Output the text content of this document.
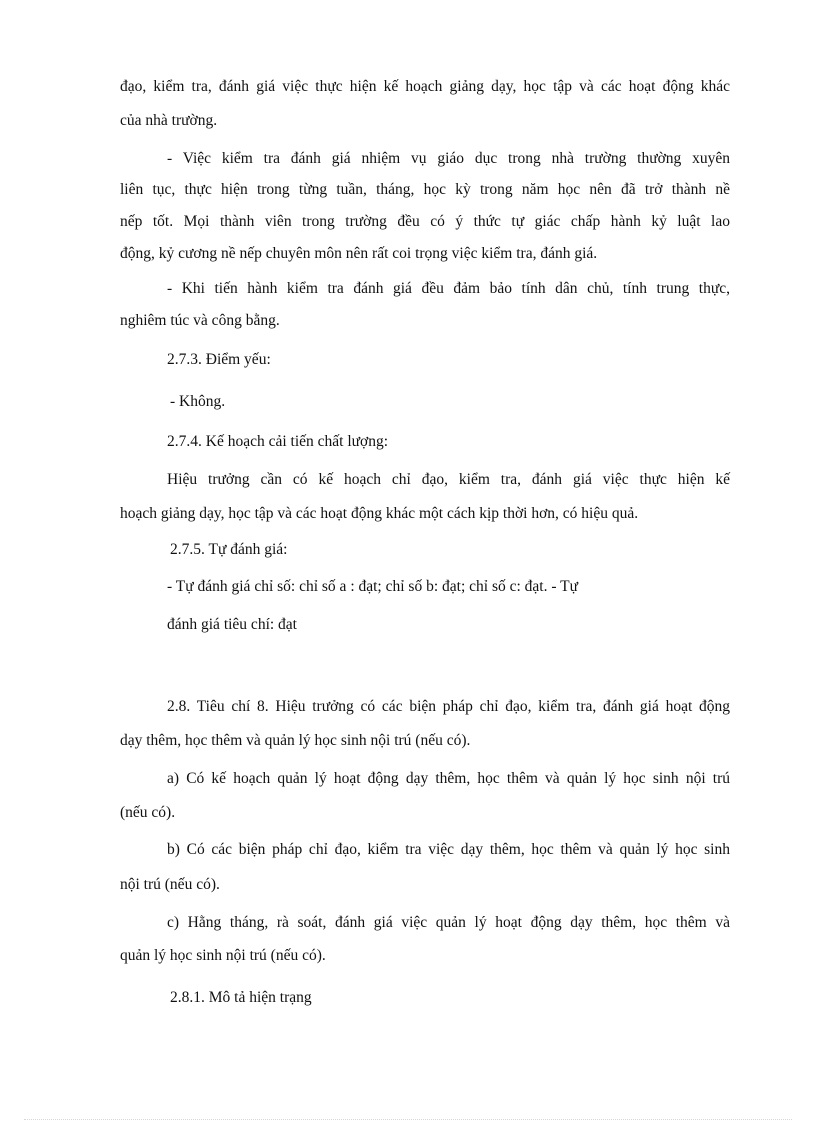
đạo, kiểm tra, đánh giá việc thực hiện kế hoạch giảng dạy, học tập và các hoạt động khác
của nhà trường.
- Việc kiểm tra đánh giá nhiệm vụ giáo dục trong nhà trường thường xuyên
liên tục, thực hiện trong từng tuần, tháng, học kỳ trong năm học nên đã trở thành nề
nếp tốt. Mọi thành viên trong trường đều có ý thức tự giác chấp hành kỷ luật lao
động, kỷ cương nề nếp chuyên môn nên rất coi trọng việc kiểm tra, đánh giá.
- Khi tiến hành kiểm tra đánh giá đều đảm bảo tính dân chủ, tính trung thực,
nghiêm túc và công bằng.
2.7.3. Điểm yếu:
- Không.
2.7.4. Kế hoạch cải tiến chất lượng:
Hiệu trưởng cần có kế hoạch chỉ đạo, kiểm tra, đánh giá việc thực hiện kế
hoạch giảng dạy, học tập và các hoạt động khác một cách kịp thời hơn, có hiệu quả.
2.7.5. Tự đánh giá:
- Tự đánh giá chỉ số: chỉ số a : đạt; chỉ số b: đạt; chỉ số c: đạt. - Tự
đánh giá tiêu chí: đạt
2.8. Tiêu chí 8. Hiệu trưởng có các biện pháp chỉ đạo, kiểm tra, đánh giá hoạt động
dạy thêm, học thêm và quản lý học sinh nội trú (nếu có).
a) Có kế hoạch quản lý hoạt động dạy thêm, học thêm và quản lý học sinh nội trú
(nếu có).
b) Có các biện pháp chỉ đạo, kiểm tra việc dạy thêm, học thêm và quản lý học sinh
nội trú (nếu có).
c) Hằng tháng, rà soát, đánh giá việc quản lý hoạt động dạy thêm, học thêm và
quản lý học sinh nội trú (nếu có).
2.8.1. Mô tả hiện trạng
